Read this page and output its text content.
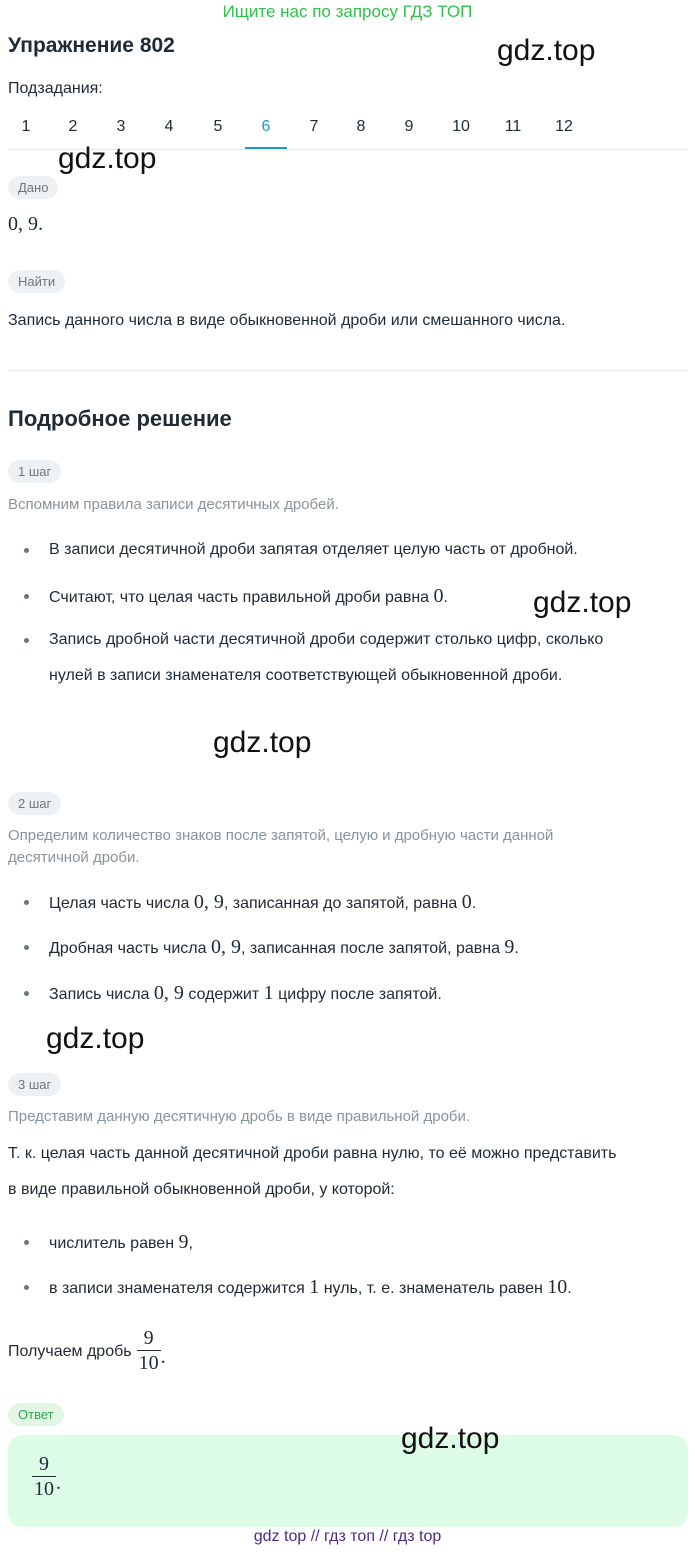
Ищите нас по запросу ГДЗ ТОП
Упражнение 802	gdz.top
Подзадания:
1	2	3	4	5	6	7	8	9	10	11	12
gdz.top
Дано
0, 9.
Найти
Запись данного числа в виде обыкновенной дроби или смешанного числа.
Подробное решение
1 шаг
Вспомним правила записи десятичных дробей.
В записи десятичной дроби запятая отделяет целую часть от дробной.
Считают, что целая часть правильной дроби равна 0.	gdz.top
Запись дробной части десятичной дроби содержит столько цифр, сколько нулей в записи знаменателя соответствующей обыкновенной дроби.
gdz.top
2 шаг
Определим количество знаков после запятой, целую и дробную части данной десятичной дроби.
Целая часть числа 0, 9, записанная до запятой, равна 0.
Дробная часть числа 0, 9, записанная после запятой, равна 9.
Запись числа 0, 9 содержит 1 цифру после запятой.
gdz.top
3 шаг
Представим данную десятичную дробь в виде правильной дроби.
Т. к. целая часть данной десятичной дроби равна нулю, то её можно представить в виде правильной обыкновенной дроби, у которой:
числитель равен 9,
в записи знаменателя содержится 1 нуль, т. е. знаменатель равен 10.
Получаем дробь $\frac{9}{10}$ .
Ответ
$\frac{9}{10}$ .
gdz.top
gdz top // гдз топ // гдз top
